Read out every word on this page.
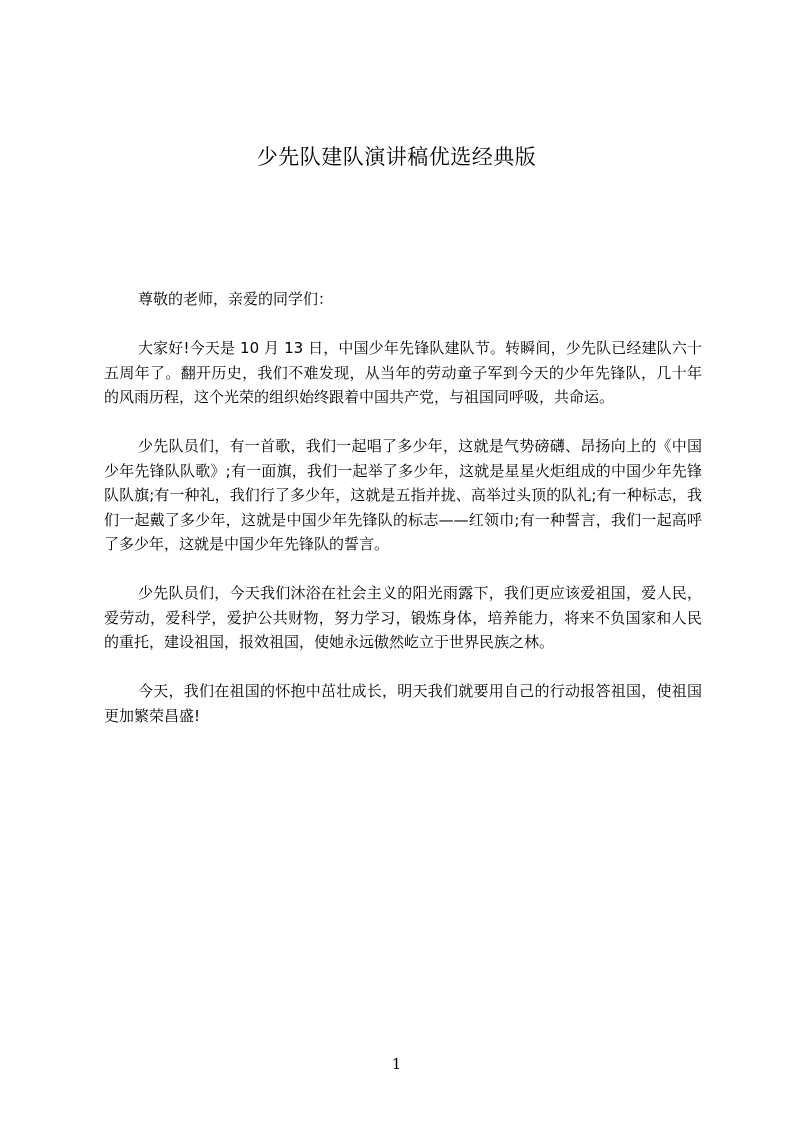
少先队建队演讲稿优选经典版

尊敬的老师，亲爱的同学们：

大家好!今天是 10 月 13 日，中国少年先锋队建队节。转瞬间，少先队已经建队六十五周年了。翻开历史，我们不难发现，从当年的劳动童子军到今天的少年先锋队，几十年的风雨历程，这个光荣的组织始终跟着中国共产党，与祖国同呼吸，共命运。

少先队员们，有一首歌，我们一起唱了多少年，这就是气势磅礴、昂扬向上的《中国少年先锋队队歌》;有一面旗，我们一起举了多少年，这就是星星火炬组成的中国少年先锋队队旗;有一种礼，我们行了多少年，这就是五指并拢、高举过头顶的队礼;有一种标志，我们一起戴了多少年，这就是中国少年先锋队的标志——红领巾;有一种誓言，我们一起高呼了多少年，这就是中国少年先锋队的誓言。

少先队员们，今天我们沐浴在社会主义的阳光雨露下，我们更应该爱祖国，爱人民，爱劳动，爱科学，爱护公共财物，努力学习，锻炼身体，培养能力，将来不负国家和人民的重托，建设祖国，报效祖国，使她永远傲然屹立于世界民族之林。

今天，我们在祖国的怀抱中茁壮成长，明天我们就要用自己的行动报答祖国，使祖国更加繁荣昌盛!

1
